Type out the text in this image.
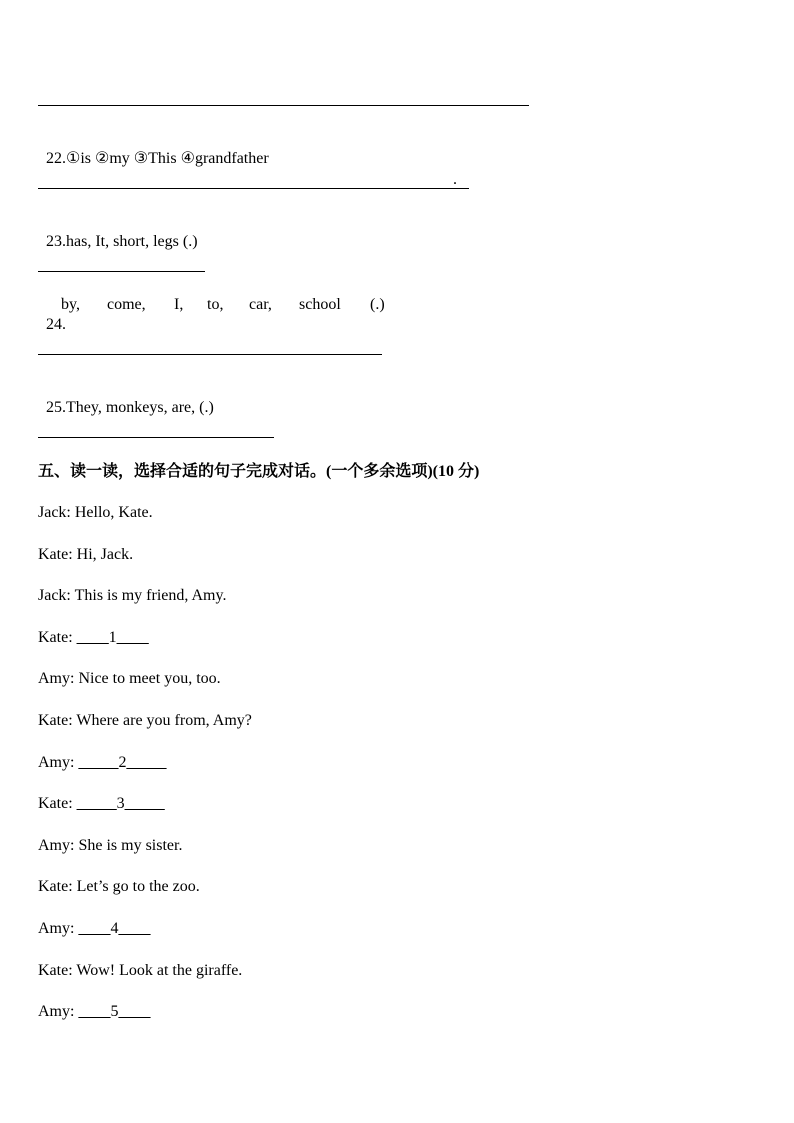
22.①is ②my ③This ④grandfather

.

23.has, It, short, legs (.)

24.

by, come, I, to, car, school (.)

25.They, monkeys, are, (.)

五、读一读，选择合适的句子完成对话。(一个多余选项)(10 分)
Jack: Hello, Kate.
Kate: Hi, Jack.
Jack: This is my friend, Amy.
Kate: ____1____
Amy: Nice to meet you, too.
Kate: Where are you from, Amy?
Amy: _____2_____
Kate: _____3_____
Amy: She is my sister.
Kate: Let’s go to the zoo.
Amy: ____4____
Kate: Wow! Look at the giraffe.
Amy: ____5____
